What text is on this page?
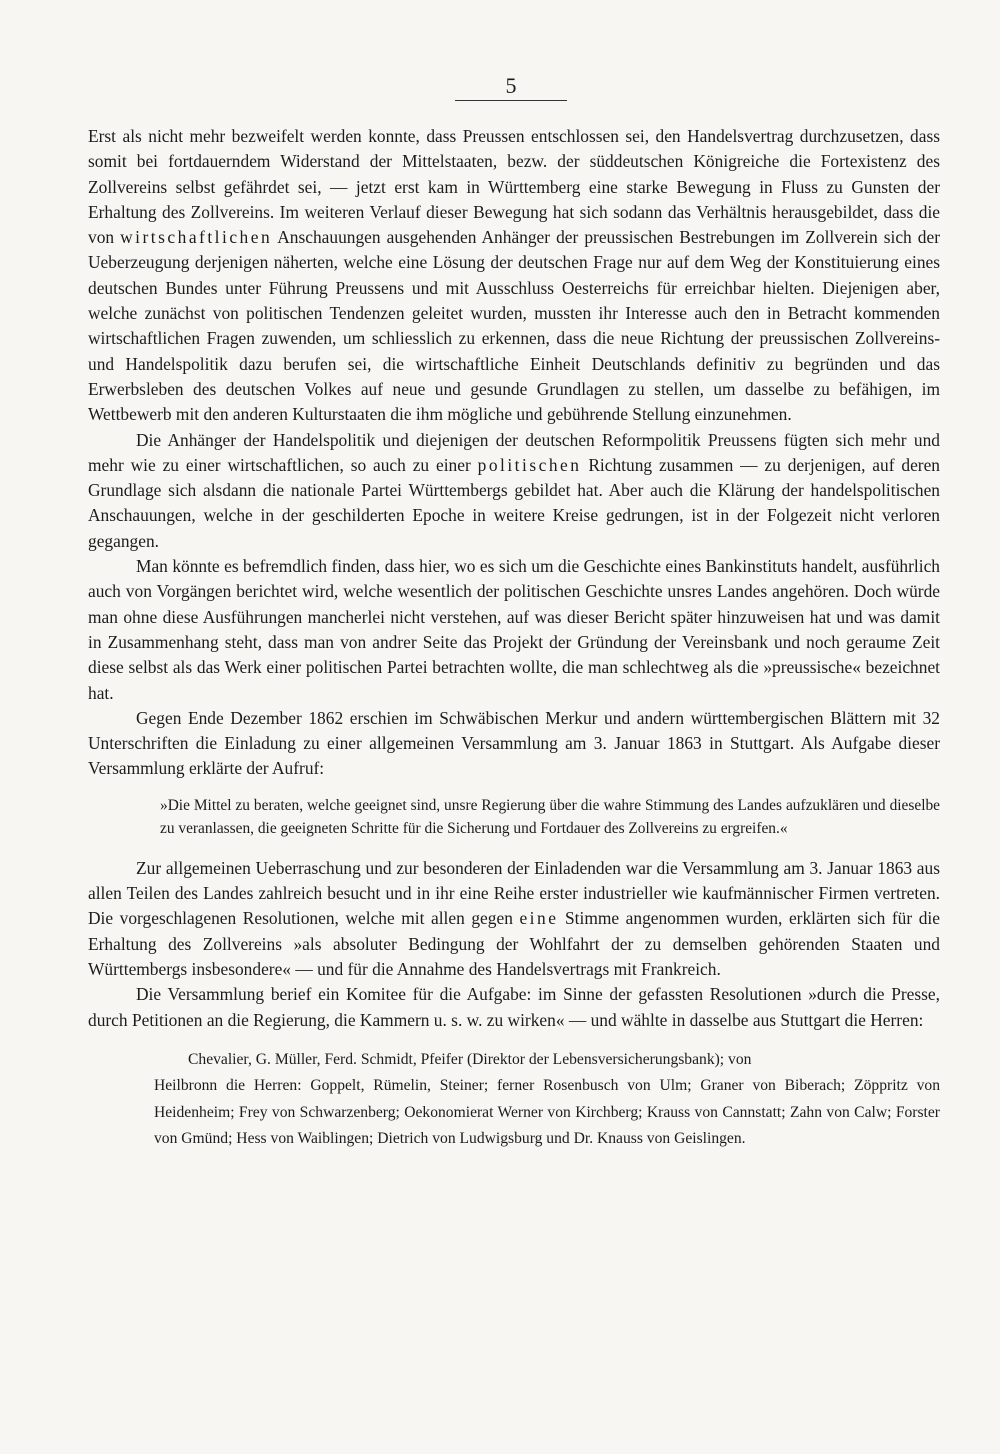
5

Erst als nicht mehr bezweifelt werden konnte, dass Preussen entschlossen sei, den Handelsvertrag durchzusetzen, dass somit bei fortdauerndem Widerstand der Mittelstaaten, bezw. der süddeutschen Königreiche die Fortexistenz des Zollvereins selbst gefährdet sei, — jetzt erst kam in Württemberg eine starke Bewegung in Fluss zu Gunsten der Erhaltung des Zollvereins. Im weiteren Verlauf dieser Bewegung hat sich sodann das Verhältnis herausgebildet, dass die von wirtschaftlichen Anschauungen ausgehenden Anhänger der preussischen Bestrebungen im Zollverein sich der Ueberzeugung derjenigen näherten, welche eine Lösung der deutschen Frage nur auf dem Weg der Konstituierung eines deutschen Bundes unter Führung Preussens und mit Ausschluss Oesterreichs für erreichbar hielten. Diejenigen aber, welche zunächst von politischen Tendenzen geleitet wurden, mussten ihr Interesse auch den in Betracht kommenden wirtschaftlichen Fragen zuwenden, um schliesslich zu erkennen, dass die neue Richtung der preussischen Zollvereins- und Handelspolitik dazu berufen sei, die wirtschaftliche Einheit Deutschlands definitiv zu begründen und das Erwerbsleben des deutschen Volkes auf neue und gesunde Grundlagen zu stellen, um dasselbe zu befähigen, im Wettbewerb mit den anderen Kulturstaaten die ihm mögliche und gebührende Stellung einzunehmen.

Die Anhänger der Handelspolitik und diejenigen der deutschen Reformpolitik Preussens fügten sich mehr und mehr wie zu einer wirtschaftlichen, so auch zu einer politischen Richtung zusammen — zu derjenigen, auf deren Grundlage sich alsdann die nationale Partei Württembergs gebildet hat. Aber auch die Klärung der handelspolitischen Anschauungen, welche in der geschilderten Epoche in weitere Kreise gedrungen, ist in der Folgezeit nicht verloren gegangen.

Man könnte es befremdlich finden, dass hier, wo es sich um die Geschichte eines Bankinstituts handelt, ausführlich auch von Vorgängen berichtet wird, welche wesentlich der politischen Geschichte unsres Landes angehören. Doch würde man ohne diese Ausführungen mancherlei nicht verstehen, auf was dieser Bericht später hinzuweisen hat und was damit in Zusammenhang steht, dass man von andrer Seite das Projekt der Gründung der Vereinsbank und noch geraume Zeit diese selbst als das Werk einer politischen Partei betrachten wollte, die man schlechtweg als die »preussische« bezeichnet hat.

Gegen Ende Dezember 1862 erschien im Schwäbischen Merkur und andern württembergischen Blättern mit 32 Unterschriften die Einladung zu einer allgemeinen Versammlung am 3. Januar 1863 in Stuttgart. Als Aufgabe dieser Versammlung erklärte der Aufruf:

»Die Mittel zu beraten, welche geeignet sind, unsre Regierung über die wahre Stimmung des Landes aufzuklären und dieselbe zu veranlassen, die geeigneten Schritte für die Sicherung und Fortdauer des Zollvereins zu ergreifen.«

Zur allgemeinen Ueberraschung und zur besonderen der Einladenden war die Versammlung am 3. Januar 1863 aus allen Teilen des Landes zahlreich besucht und in ihr eine Reihe erster industrieller wie kaufmännischer Firmen vertreten. Die vorgeschlagenen Resolutionen, welche mit allen gegen eine Stimme angenommen wurden, erklärten sich für die Erhaltung des Zollvereins »als absoluter Bedingung der Wohlfahrt der zu demselben gehörenden Staaten und Württembergs insbesondere« — und für die Annahme des Handelsvertrags mit Frankreich.

Die Versammlung berief ein Komitee für die Aufgabe: im Sinne der gefassten Resolutionen »durch die Presse, durch Petitionen an die Regierung, die Kammern u. s. w. zu wirken« — und wählte in dasselbe aus Stuttgart die Herren:

Chevalier, G. Müller, Ferd. Schmidt, Pfeifer (Direktor der Lebensversicherungsbank); von
Heilbronn die Herren: Goppelt, Rümelin, Steiner; ferner Rosenbusch von Ulm; Graner von Biberach; Zöppritz von Heidenheim; Frey von Schwarzenberg; Oekonomierat Werner von Kirchberg; Krauss von Cannstatt; Zahn von Calw; Forster von Gmünd; Hess von Waiblingen; Dietrich von Ludwigsburg und Dr. Knauss von Geislingen.
